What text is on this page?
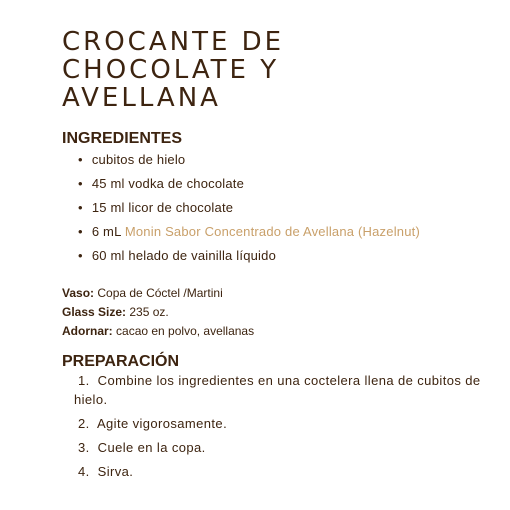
CROCANTE DE
CHOCOLATE Y
AVELLANA
INGREDIENTES
• cubitos de hielo
• 45 ml vodka de chocolate
• 15 ml licor de chocolate
• 6 mL Monin Sabor Concentrado de Avellana (Hazelnut)
• 60 ml helado de vainilla líquido
Vaso: Copa de Cóctel /Martini
Glass Size: 235 oz.
Adornar: cacao en polvo, avellanas
PREPARACIÓN
1. Combine los ingredientes en una coctelera llena de cubitos de hielo.
2. Agite vigorosamente.
3. Cuele en la copa.
4. Sirva.
